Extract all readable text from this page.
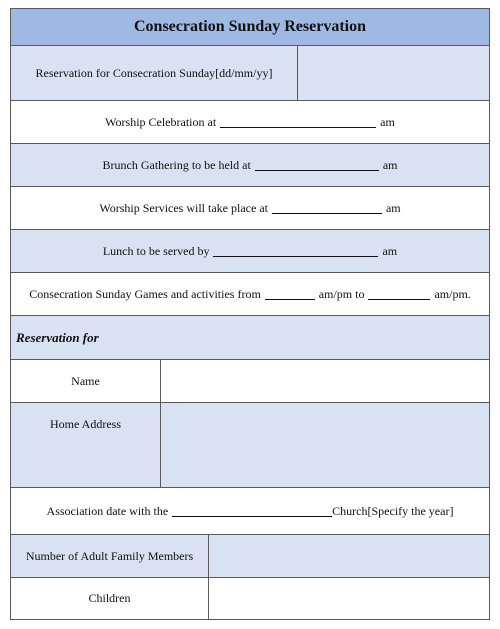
Consecration Sunday Reservation
Reservation for Consecration Sunday[dd/mm/yy]
Worship Celebration at	am
Brunch Gathering to be held at	am
Worship Services will take place at	am
Lunch to be served by	am
Consecration Sunday Games and activities from	am/pm to	am/pm.
Reservation for
Name
Home Address
Association date with the	Church[Specify the year]
Number of Adult Family Members
Children
